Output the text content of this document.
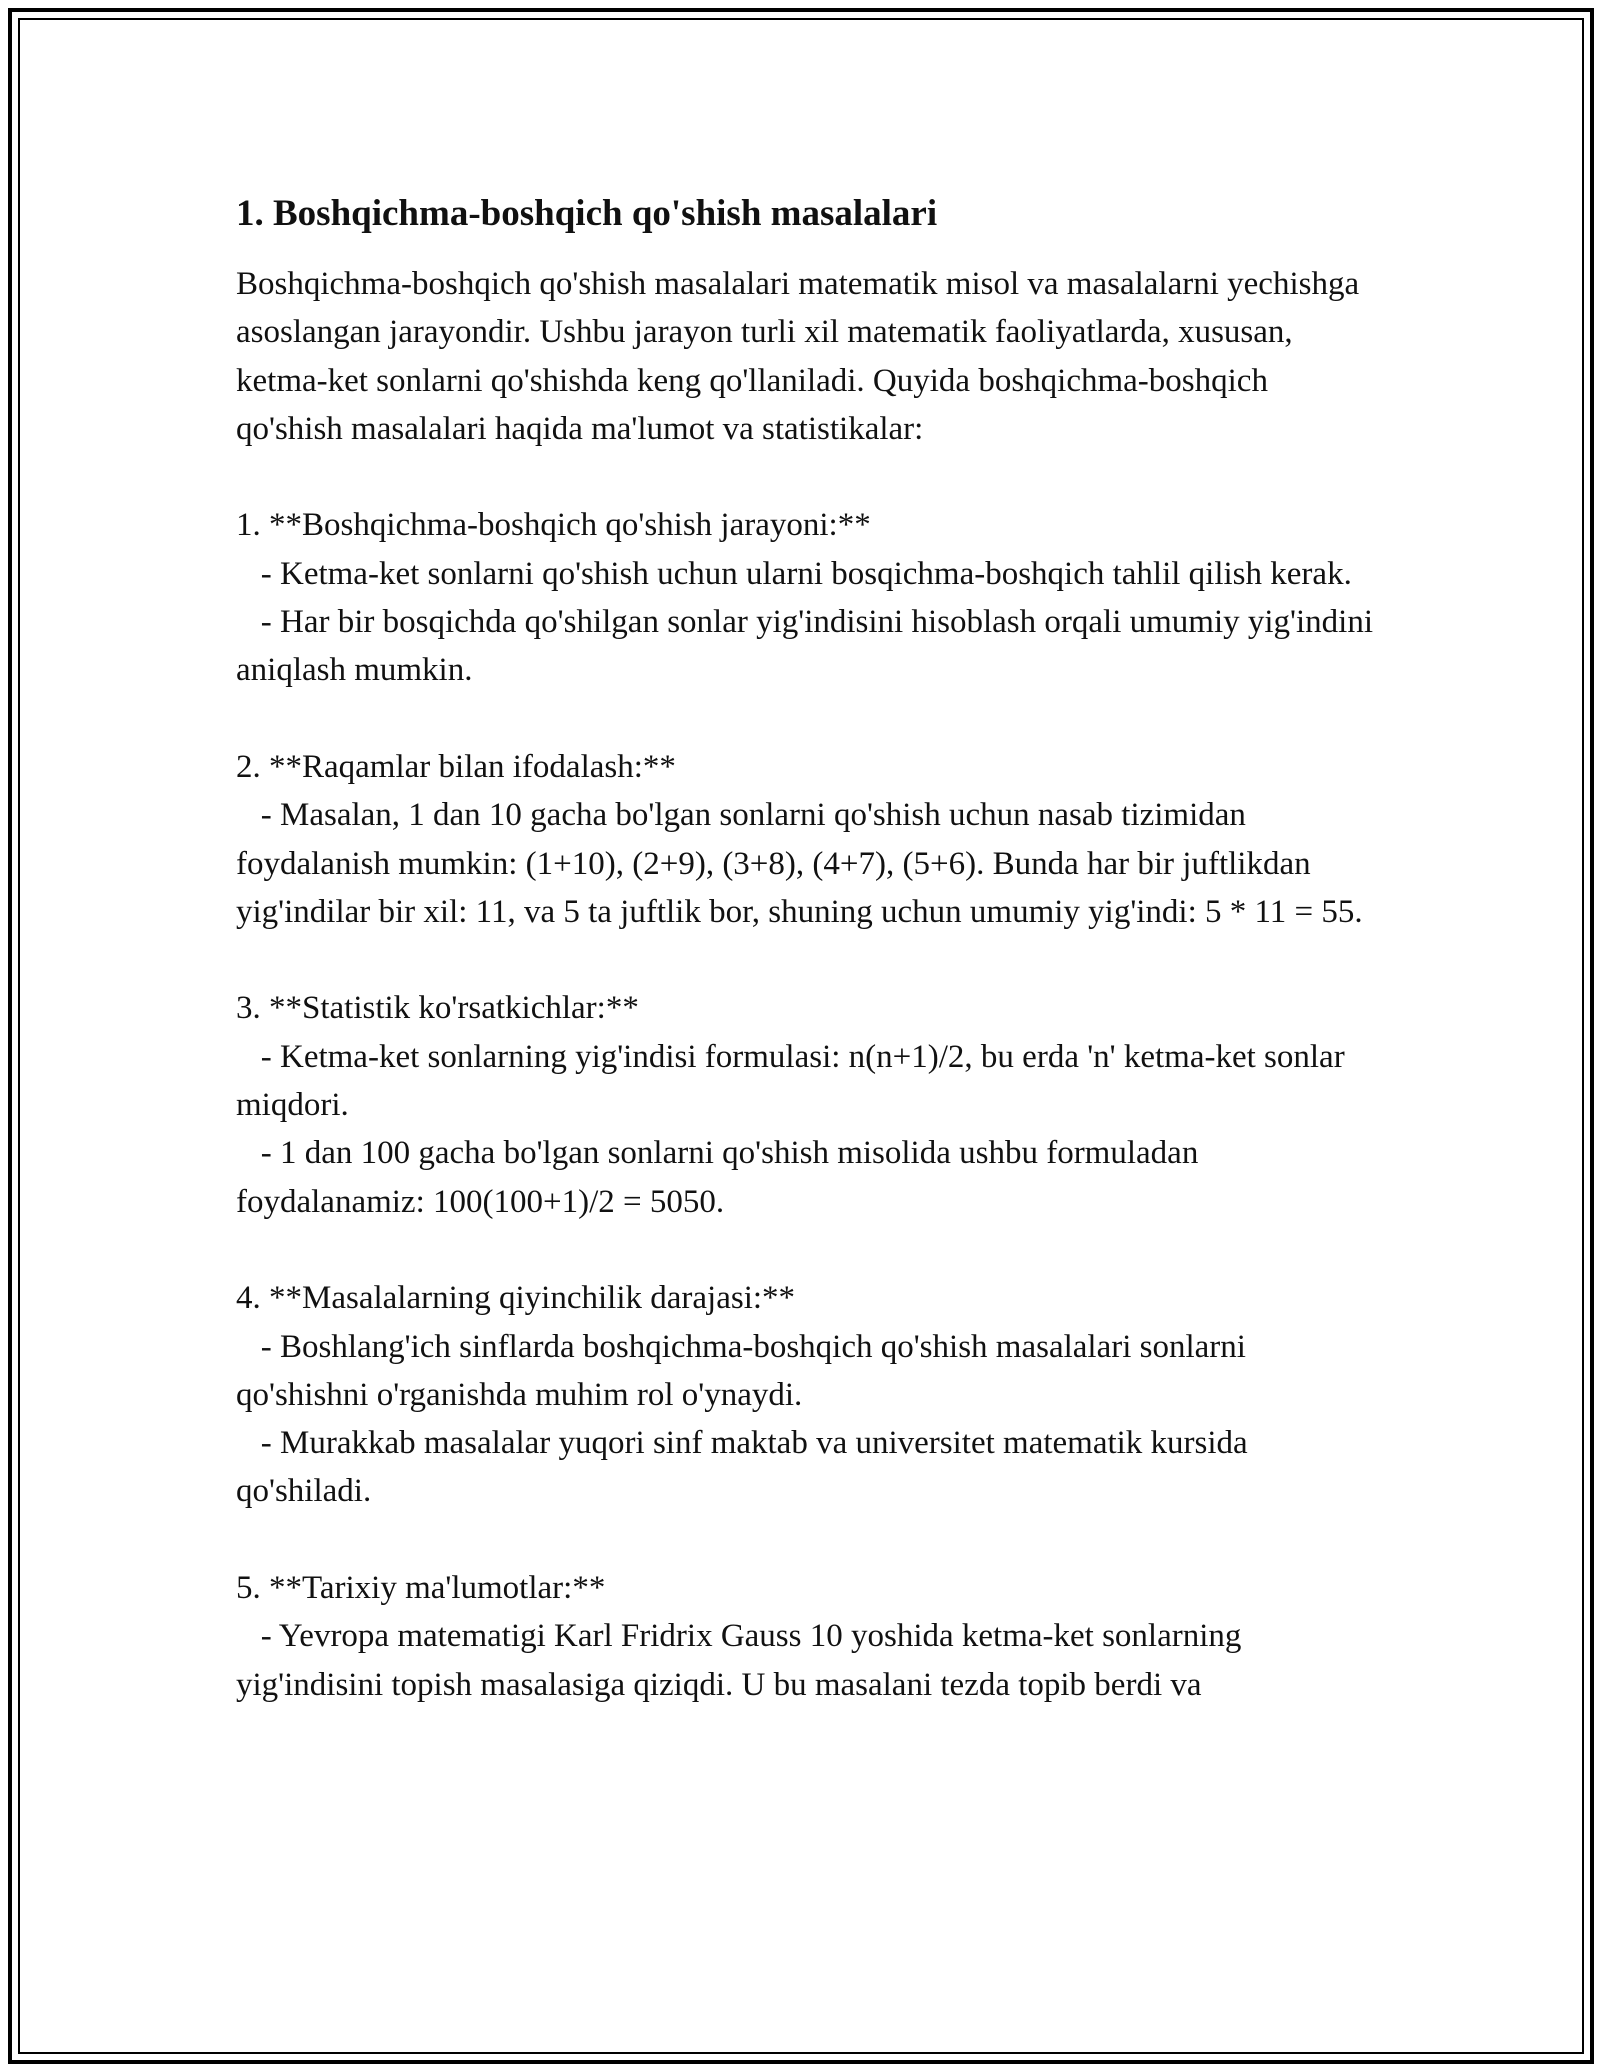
1. Boshqichma-boshqich qo'shish masalalari

Boshqichma-boshqich qo'shish masalalari matematik misol va masalalarni yechishga asoslangan jarayondir. Ushbu jarayon turli xil matematik faoliyatlarda, xususan, ketma-ket sonlarni qo'shishda keng qo'llaniladi. Quyida boshqichma-boshqich qo'shish masalalari haqida ma'lumot va statistikalar:

1. **Boshqichma-boshqich qo'shish jarayoni:**

- Ketma-ket sonlarni qo'shish uchun ularni bosqichma-boshqich tahlil qilish kerak.

- Har bir bosqichda qo'shilgan sonlar yig'indisini hisoblash orqali umumiy yig'indini aniqlash mumkin.

2. **Raqamlar bilan ifodalash:**

- Masalan, 1 dan 10 gacha bo'lgan sonlarni qo'shish uchun nasab tizimidan foydalanish mumkin: (1+10), (2+9), (3+8), (4+7), (5+6). Bunda har bir juftlikdan yig'indilar bir xil: 11, va 5 ta juftlik bor, shuning uchun umumiy yig'indi: 5 * 11 = 55.

3. **Statistik ko'rsatkichlar:**

- Ketma-ket sonlarning yig'indisi formulasi: n(n+1)/2, bu erda 'n' ketma-ket sonlar miqdori.

- 1 dan 100 gacha bo'lgan sonlarni qo'shish misolida ushbu formuladan foydalanamiz: 100(100+1)/2 = 5050.

4. **Masalalarning qiyinchilik darajasi:**

- Boshlang'ich sinflarda boshqichma-boshqich qo'shish masalalari sonlarni qo'shishni o'rganishda muhim rol o'ynaydi.

- Murakkab masalalar yuqori sinf maktab va universitet matematik kursida qo'shiladi.

5. **Tarixiy ma'lumotlar:**

- Yevropa matematigi Karl Fridrix Gauss 10 yoshida ketma-ket sonlarning yig'indisini topish masalasiga qiziqdi. U bu masalani tezda topib berdi va
